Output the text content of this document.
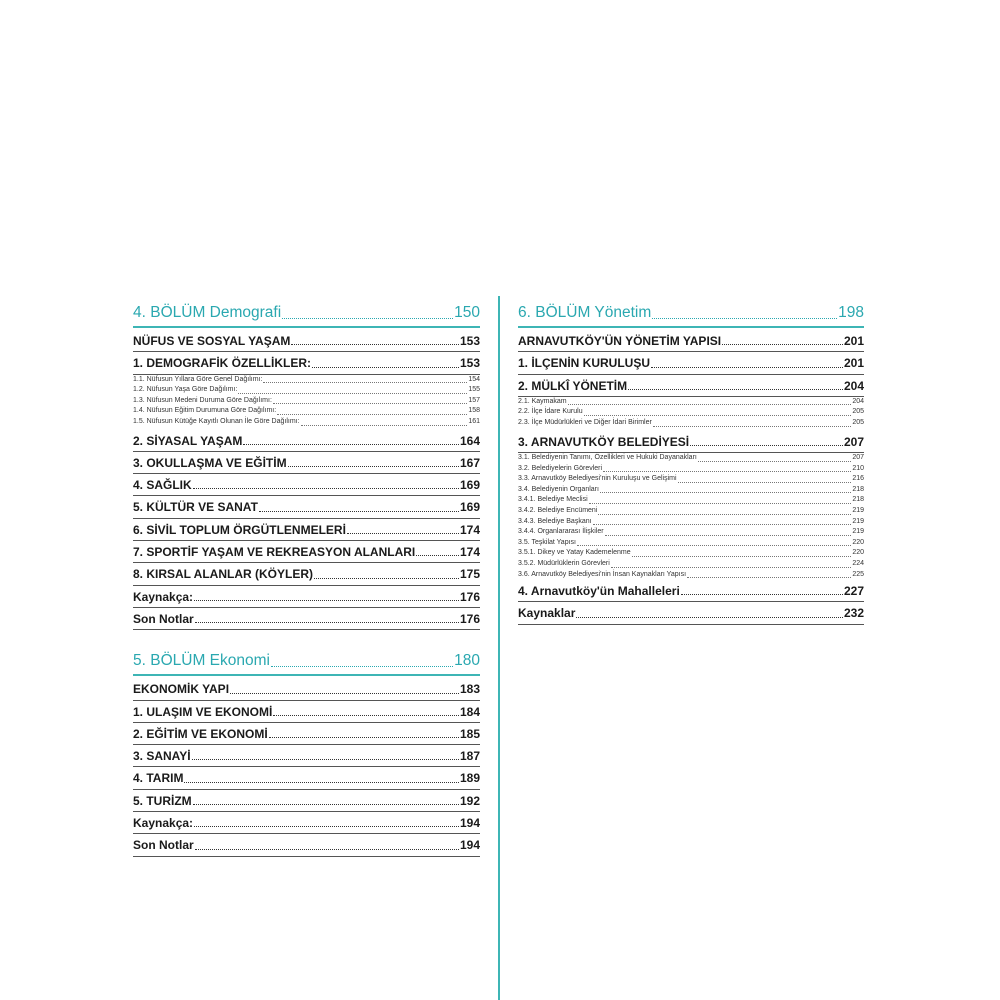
4. BÖLÜM Demografi	150
NÜFUS VE SOSYAL YAŞAM	153
1. DEMOGRAFİK ÖZELLİKLER:	153
1.1. Nüfusun Yıllara Göre Genel Dağılımı:	154
1.2. Nüfusun Yaşa Göre Dağılımı:	155
1.3. Nüfusun Medeni Duruma Göre Dağılımı:	157
1.4. Nüfusun Eğitim Durumuna Göre Dağılımı:	158
1.5. Nüfusun Kütüğe Kayıtlı Olunan İle Göre Dağılımı:	161
2. SİYASAL YAŞAM	164
3. OKULLAŞMA VE EĞİTİM	167
4. SAĞLIK	169
5. KÜLTÜR VE SANAT	169
6. SİVİL TOPLUM ÖRGÜTLENMELERİ	174
7. SPORTİF YAŞAM VE REKREASYON ALANLARI	174
8. KIRSAL ALANLAR (KÖYLER)	175
Kaynakça:	176
Son Notlar	176
5. BÖLÜM Ekonomi	180
EKONOMİK YAPI	183
1. ULAŞIM VE EKONOMİ	184
2. EĞİTİM VE EKONOMİ	185
3. SANAYİ	187
4. TARIM	189
5. TURİZM	192
Kaynakça:	194
Son Notlar	194
6. BÖLÜM Yönetim	198
ARNAVUTKÖY'ÜN YÖNETİM YAPISI	201
1. İLÇENİN KURULUŞU	201
2. MÜLKÎ YÖNETİM	204
2.1. Kaymakam	204
2.2. İlçe İdare Kurulu	205
2.3. İlçe Müdürlükleri ve Diğer İdari Birimler	205
3. ARNAVUTKÖY BELEDİYESİ	207
3.1. Belediyenin Tanımı, Özellikleri ve Hukuki Dayanakları	207
3.2. Belediyelerin Görevleri	210
3.3. Arnavutköy Belediyesi'nin Kuruluşu ve Gelişimi	216
3.4. Belediyenin Organları	218
3.4.1. Belediye Meclisi	218
3.4.2. Belediye Encümeni	219
3.4.3. Belediye Başkanı	219
3.4.4. Organlararası İlişkiler	219
3.5. Teşkilat Yapısı	220
3.5.1. Dikey ve Yatay Kademelenme	220
3.5.2. Müdürlüklerin Görevleri	224
3.6. Arnavutköy Belediyesi'nin İnsan Kaynakları Yapısı	225
4. Arnavutköy'ün Mahalleleri	227
Kaynaklar	232
